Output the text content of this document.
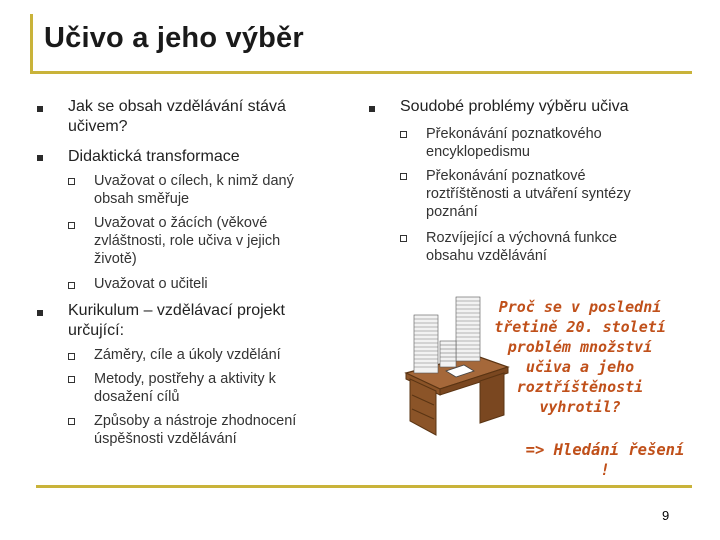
Učivo a jeho výběr
Jak se obsah vzdělávání stává
učivem?
Didaktická transformace
Uvažovat o cílech, k nimž daný
obsah směřuje
Uvažovat o žácích (věkové
zvláštnosti, role učiva v jejich
životě)
Uvažovat o učiteli
Kurikulum – vzdělávací projekt
určující:
Záměry, cíle a úkoly vzdělání
Metody, postřehy a aktivity k
dosažení cílů
Způsoby a nástroje zhodnocení
úspěšnosti vzdělávání
Soudobé problémy výběru učiva
Překonávání poznatkového
encyklopedismu
Překonávání poznatkové
roztříštěnosti a utváření syntézy
poznání
Rozvíjející a výchovná funkce
obsahu vzdělávání
Proč se v poslední
třetině 20. století
problém množství
učiva a jeho
roztříštěnosti
vyhrotil?
=> Hledání řešení !
9
